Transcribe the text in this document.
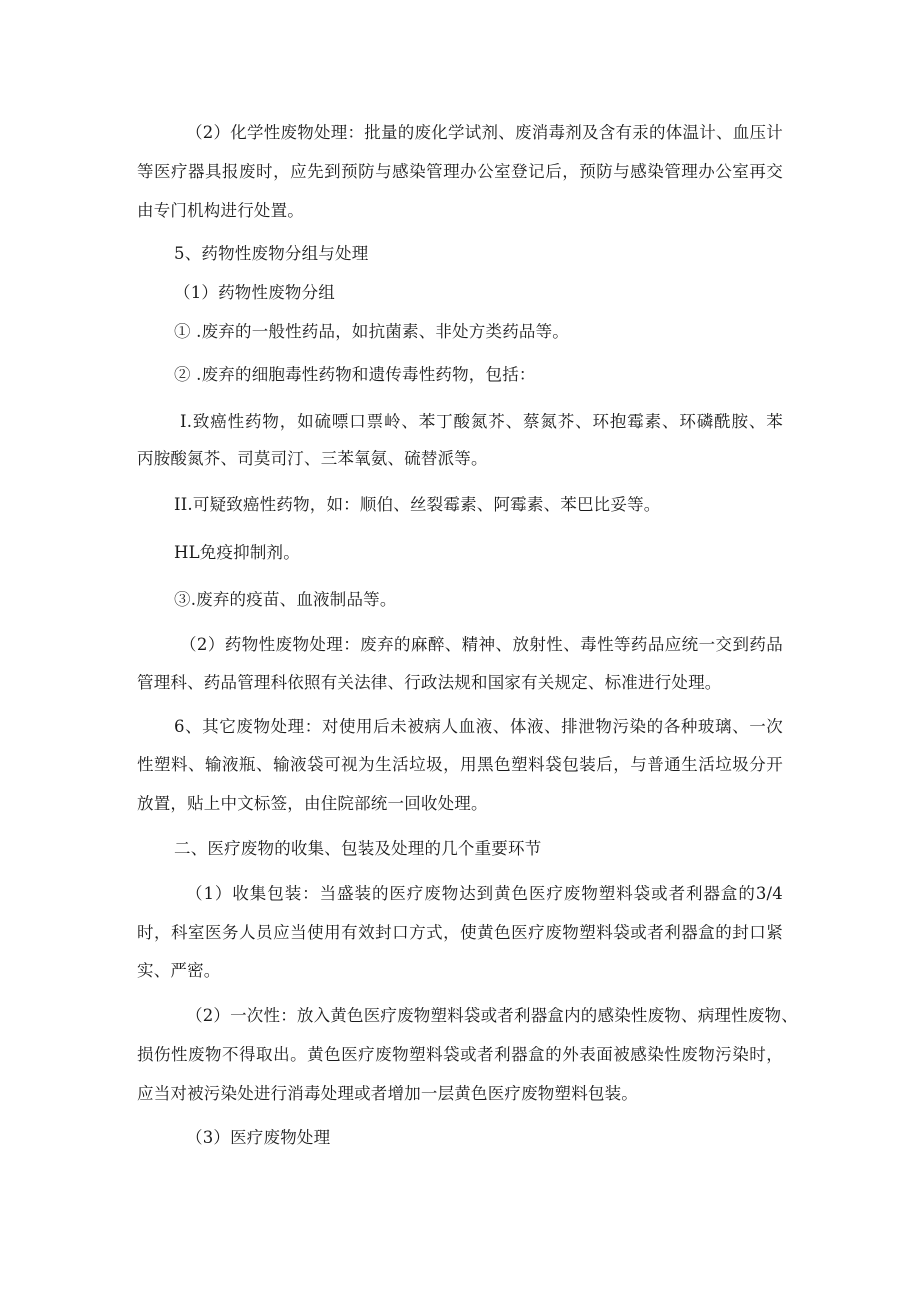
（2）化学性废物处理：批量的废化学试剂、废消毒剂及含有汞的体温计、血压计
等医疗器具报废时，应先到预防与感染管理办公室登记后，预防与感染管理办公室再交
由专门机构进行处置。
5、药物性废物分组与处理
（1）药物性废物分组
① .废弃的一般性药品，如抗菌素、非处方类药品等。
② .废弃的细胞毒性药物和遗传毒性药物，包括：
I.致癌性药物，如硫嘌口票岭、苯丁酸氮芥、蔡氮芥、环抱霉素、环磷酰胺、苯
丙胺酸氮芥、司莫司汀、三苯氧氨、硫替派等。
II.可疑致癌性药物，如：顺伯、丝裂霉素、阿霉素、苯巴比妥等。
HL免疫抑制剂。
③.废弃的疫苗、血液制品等。
（2）药物性废物处理：废弃的麻醉、精神、放射性、毒性等药品应统一交到药品
管理科、药品管理科依照有关法律、行政法规和国家有关规定、标准进行处理。
6、其它废物处理：对使用后未被病人血液、体液、排泄物污染的各种玻璃、一次
性塑料、输液瓶、输液袋可视为生活垃圾，用黑色塑料袋包装后，与普通生活垃圾分开
放置，贴上中文标签，由住院部统一回收处理。
二、医疗废物的收集、包装及处理的几个重要环节
（1）收集包装：当盛装的医疗废物达到黄色医疗废物塑料袋或者利器盒的3/4
时，科室医务人员应当使用有效封口方式，使黄色医疗废物塑料袋或者利器盒的封口紧
实、严密。
（2）一次性：放入黄色医疗废物塑料袋或者利器盒内的感染性废物、病理性废物、
损伤性废物不得取出。黄色医疗废物塑料袋或者利器盒的外表面被感染性废物污染时，
应当对被污染处进行消毒处理或者增加一层黄色医疗废物塑料包装。
（3）医疗废物处理
